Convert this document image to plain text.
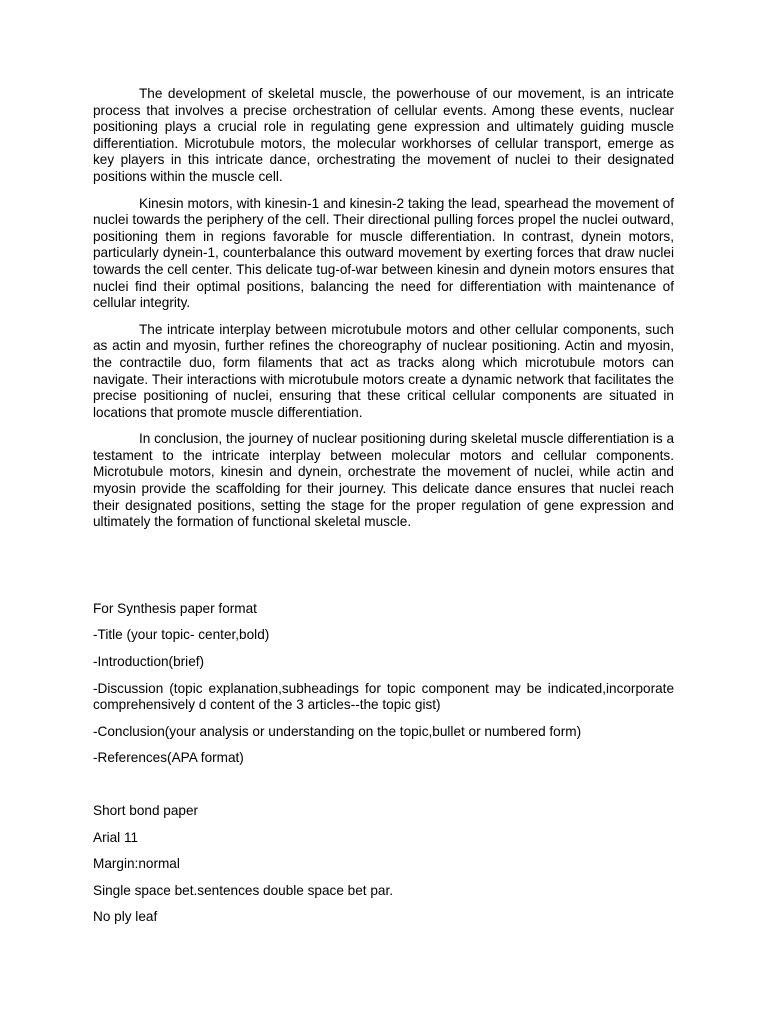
The development of skeletal muscle, the powerhouse of our movement, is an intricate process that involves a precise orchestration of cellular events. Among these events, nuclear positioning plays a crucial role in regulating gene expression and ultimately guiding muscle differentiation. Microtubule motors, the molecular workhorses of cellular transport, emerge as key players in this intricate dance, orchestrating the movement of nuclei to their designated positions within the muscle cell.

Kinesin motors, with kinesin-1 and kinesin-2 taking the lead, spearhead the movement of nuclei towards the periphery of the cell. Their directional pulling forces propel the nuclei outward, positioning them in regions favorable for muscle differentiation. In contrast, dynein motors, particularly dynein-1, counterbalance this outward movement by exerting forces that draw nuclei towards the cell center. This delicate tug-of-war between kinesin and dynein motors ensures that nuclei find their optimal positions, balancing the need for differentiation with maintenance of cellular integrity.

The intricate interplay between microtubule motors and other cellular components, such as actin and myosin, further refines the choreography of nuclear positioning. Actin and myosin, the contractile duo, form filaments that act as tracks along which microtubule motors can navigate. Their interactions with microtubule motors create a dynamic network that facilitates the precise positioning of nuclei, ensuring that these critical cellular components are situated in locations that promote muscle differentiation.

In conclusion, the journey of nuclear positioning during skeletal muscle differentiation is a testament to the intricate interplay between molecular motors and cellular components. Microtubule motors, kinesin and dynein, orchestrate the movement of nuclei, while actin and myosin provide the scaffolding for their journey. This delicate dance ensures that nuclei reach their designated positions, setting the stage for the proper regulation of gene expression and ultimately the formation of functional skeletal muscle.

For Synthesis paper format

-Title (your topic- center,bold)

-Introduction(brief)

-Discussion (topic explanation,subheadings for topic component may be indicated,incorporate comprehensively d content of the 3 articles--the topic gist)

-Conclusion(your analysis or understanding on the topic,bullet or numbered form)

-References(APA format)

Short bond paper

Arial 11

Margin:normal

Single space bet.sentences double space bet par.

No ply leaf
